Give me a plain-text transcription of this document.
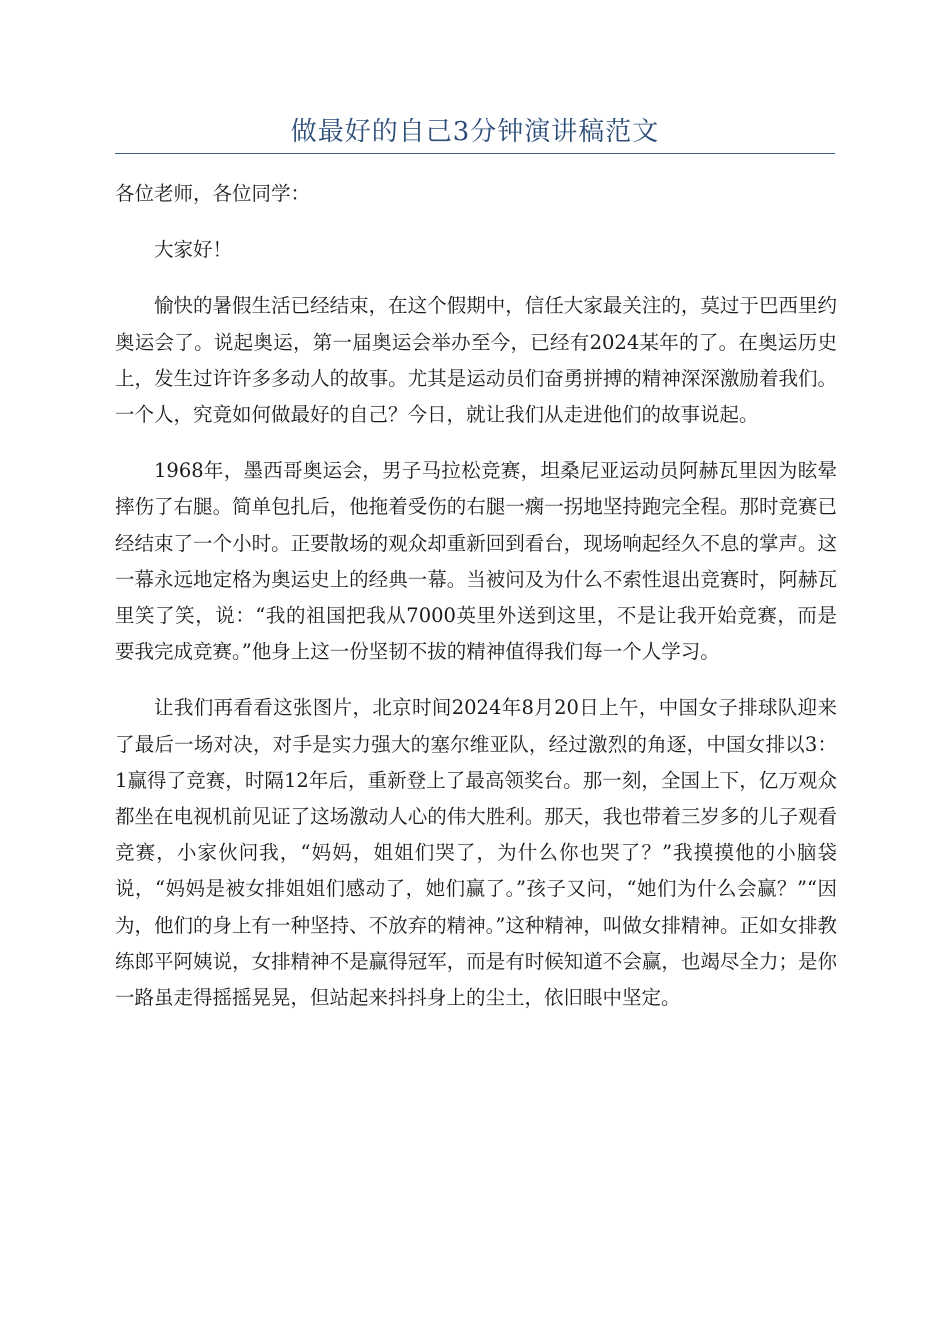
做最好的自己3分钟演讲稿范文

各位老师，各位同学：

大家好！

愉快的暑假生活已经结束，在这个假期中，信任大家最关注的，莫过于巴西里约奥运会了。说起奥运，第一届奥运会举办至今，已经有2024某年的了。在奥运历史上，发生过许许多多动人的故事。尤其是运动员们奋勇拼搏的精神深深激励着我们。一个人，究竟如何做最好的自己？今日，就让我们从走进他们的故事说起。

1968年，墨西哥奥运会，男子马拉松竞赛，坦桑尼亚运动员阿赫瓦里因为眩晕摔伤了右腿。简单包扎后，他拖着受伤的右腿一瘸一拐地坚持跑完全程。那时竞赛已经结束了一个小时。正要散场的观众却重新回到看台，现场响起经久不息的掌声。这一幕永远地定格为奥运史上的经典一幕。当被问及为什么不索性退出竞赛时，阿赫瓦里笑了笑，说：“我的祖国把我从7000英里外送到这里，不是让我开始竞赛，而是要我完成竞赛。”他身上这一份坚韧不拔的精神值得我们每一个人学习。

让我们再看看这张图片，北京时间2024年8月20日上午，中国女子排球队迎来了最后一场对决，对手是实力强大的塞尔维亚队，经过激烈的角逐，中国女排以3：1赢得了竞赛，时隔12年后，重新登上了最高领奖台。那一刻，全国上下，亿万观众都坐在电视机前见证了这场激动人心的伟大胜利。那天，我也带着三岁多的儿子观看竞赛，小家伙问我，“妈妈，姐姐们哭了，为什么你也哭了？”我摸摸他的小脑袋说，“妈妈是被女排姐姐们感动了，她们赢了。”孩子又问，“她们为什么会赢？”“因为，他们的身上有一种坚持、不放弃的精神。”这种精神，叫做女排精神。正如女排教练郎平阿姨说，女排精神不是赢得冠军，而是有时候知道不会赢，也竭尽全力；是你一路虽走得摇摇晃晃，但站起来抖抖身上的尘土，依旧眼中坚定。
